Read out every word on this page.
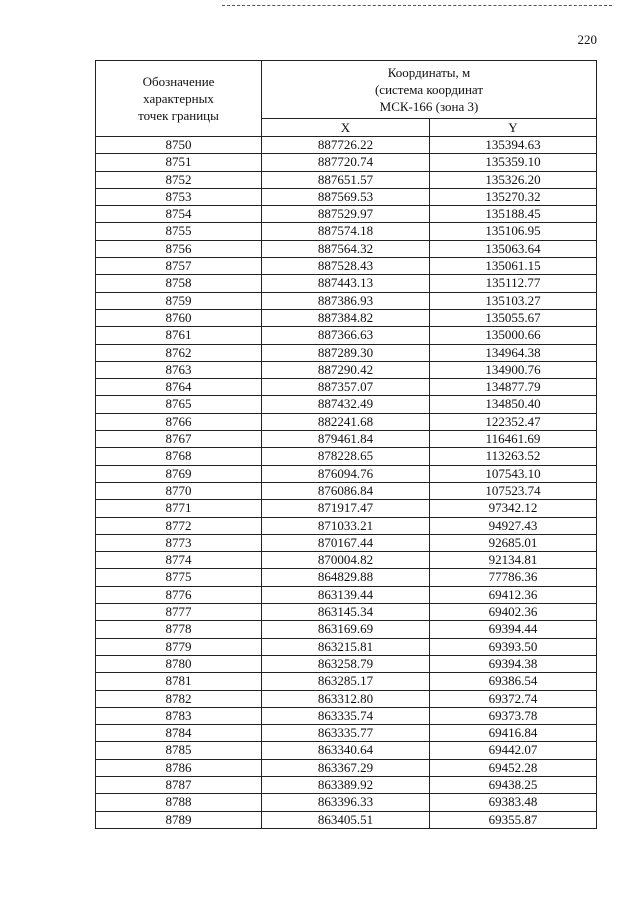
220
Обозначение
характерных
точек границы	Координаты, м
(система координат
МСК-166 (зона 3)	

	X	Y
8750	887726.22	135394.63
8751	887720.74	135359.10
8752	887651.57	135326.20
8753	887569.53	135270.32
8754	887529.97	135188.45
8755	887574.18	135106.95
8756	887564.32	135063.64
8757	887528.43	135061.15
8758	887443.13	135112.77
8759	887386.93	135103.27
8760	887384.82	135055.67
8761	887366.63	135000.66
8762	887289.30	134964.38
8763	887290.42	134900.76
8764	887357.07	134877.79
8765	887432.49	134850.40
8766	882241.68	122352.47
8767	879461.84	116461.69
8768	878228.65	113263.52
8769	876094.76	107543.10
8770	876086.84	107523.74
8771	871917.47	97342.12
8772	871033.21	94927.43
8773	870167.44	92685.01
8774	870004.82	92134.81
8775	864829.88	77786.36
8776	863139.44	69412.36
8777	863145.34	69402.36
8778	863169.69	69394.44
8779	863215.81	69393.50
8780	863258.79	69394.38
8781	863285.17	69386.54
8782	863312.80	69372.74
8783	863335.74	69373.78
8784	863335.77	69416.84
8785	863340.64	69442.07
8786	863367.29	69452.28
8787	863389.92	69438.25
8788	863396.33	69383.48
8789	863405.51	69355.87
